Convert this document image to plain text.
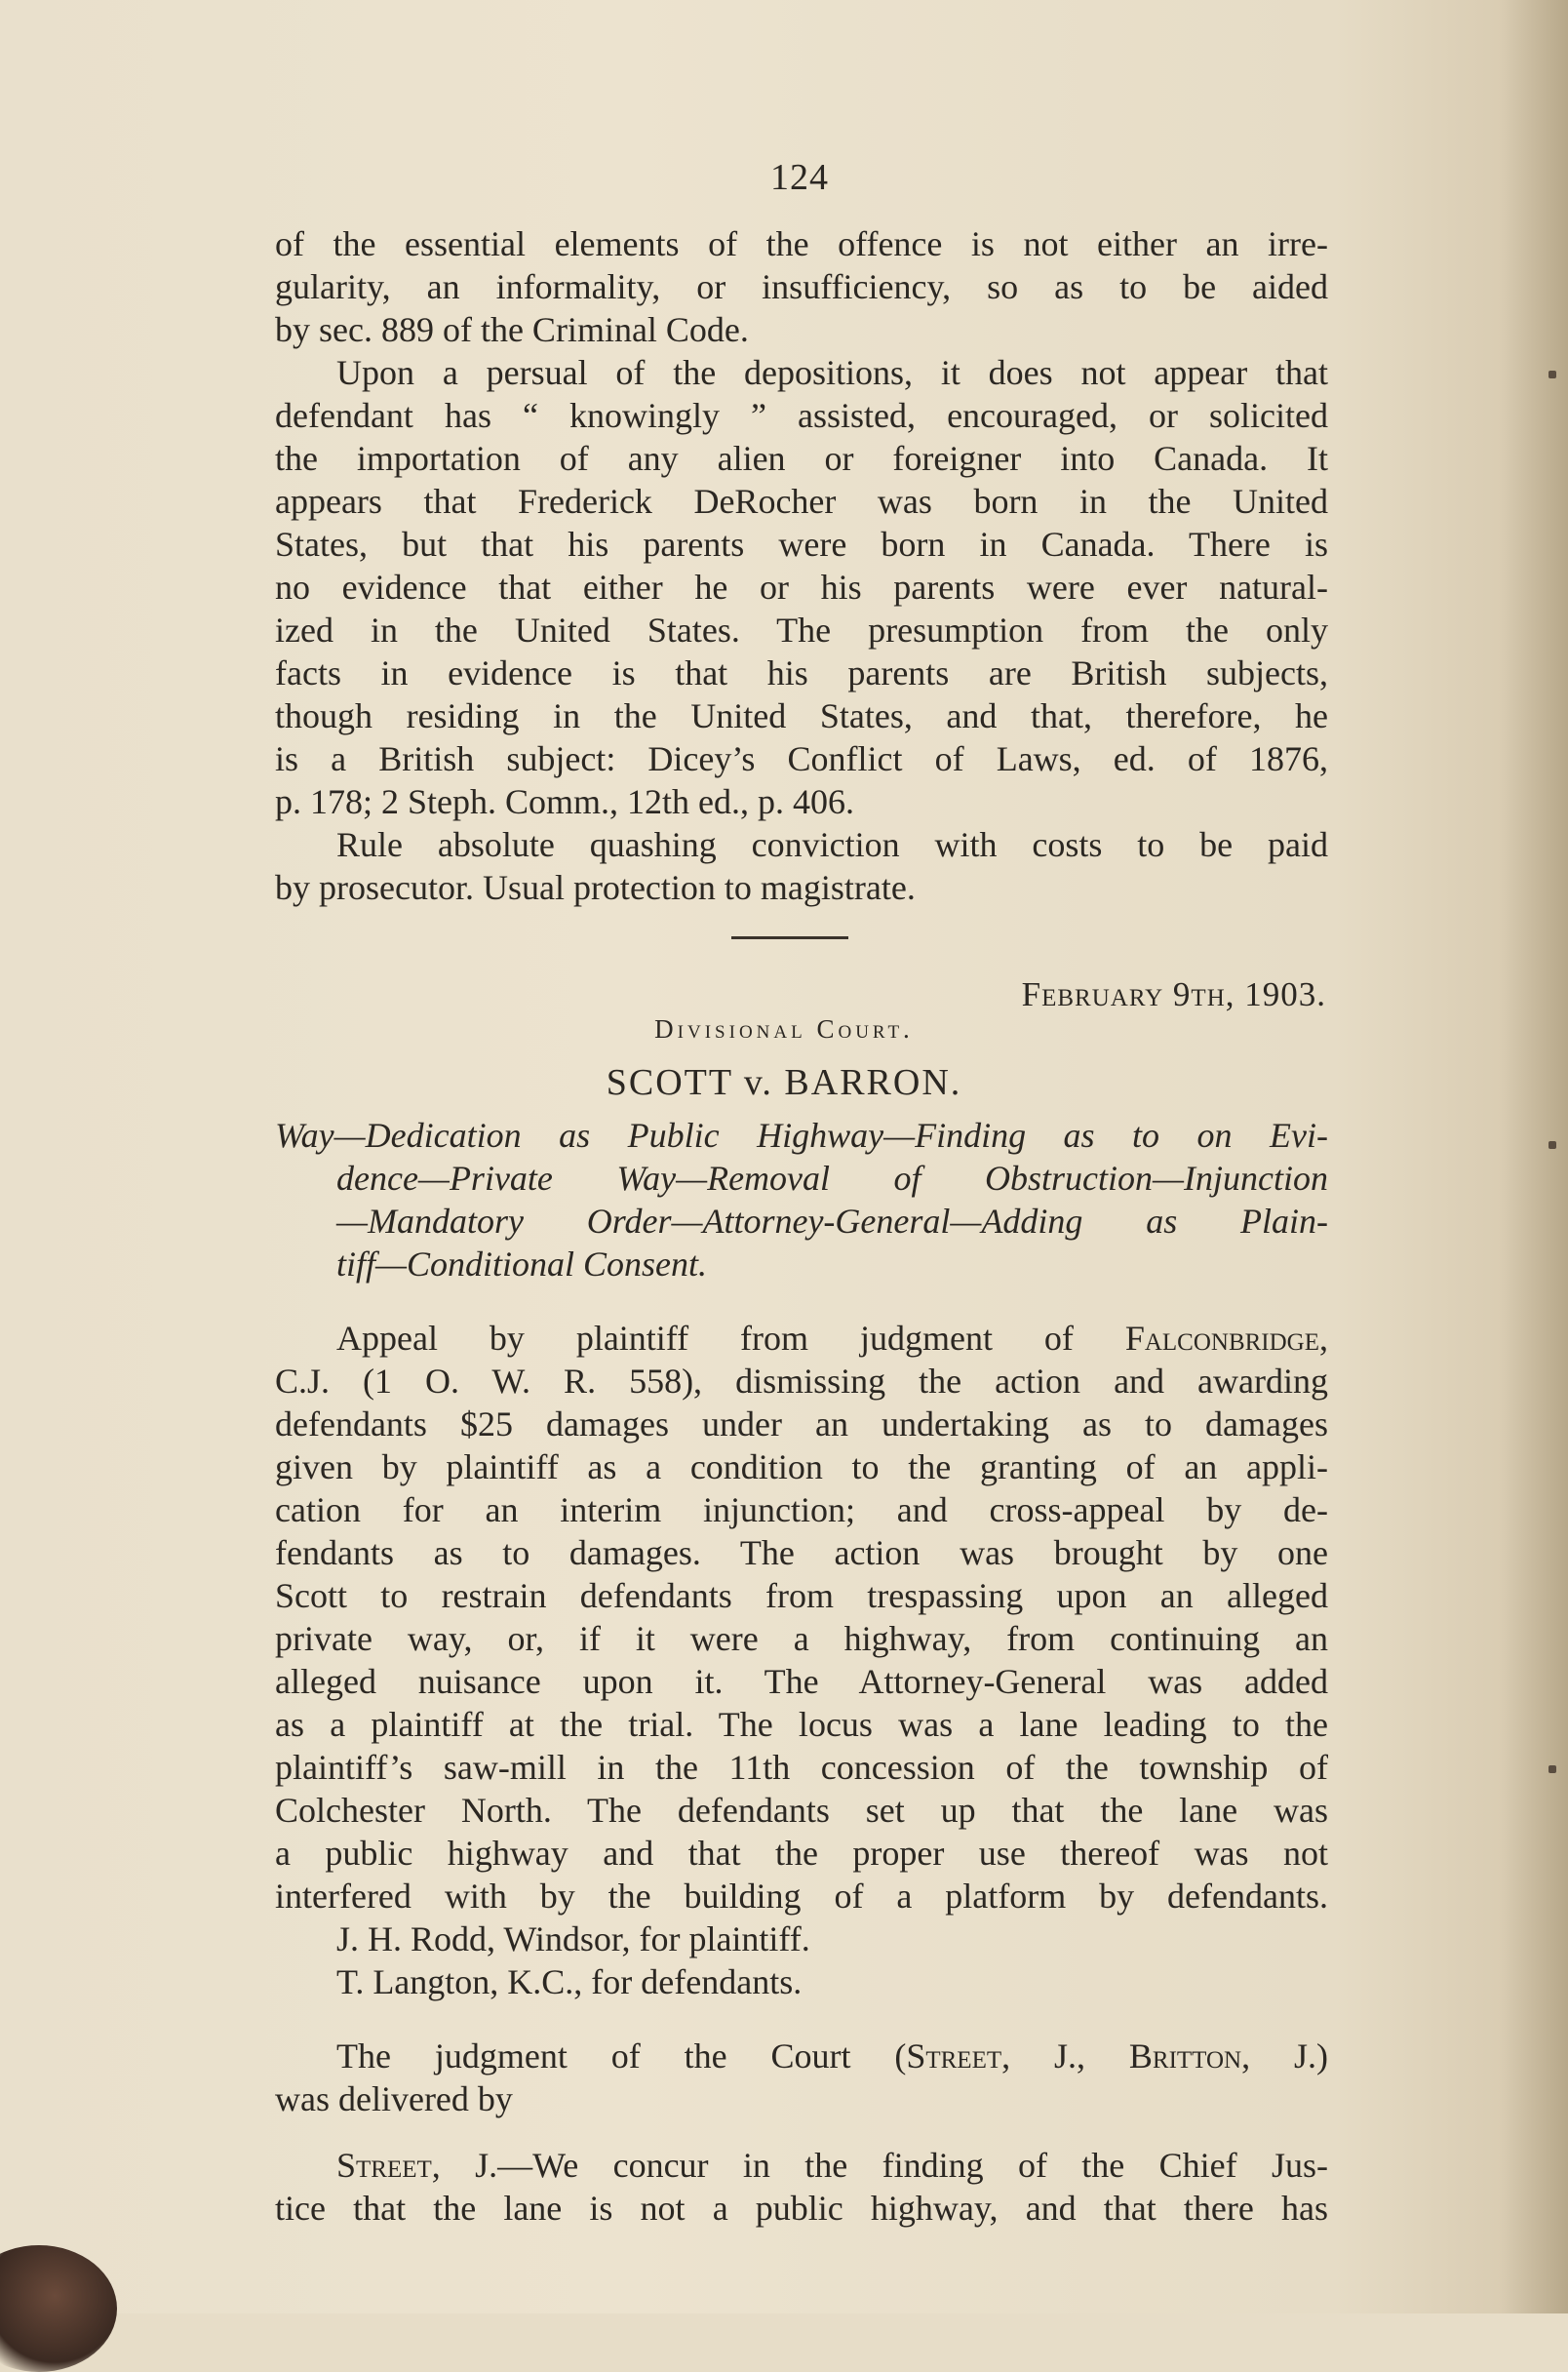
124
of the essential elements of the offence is not either an irre-
gularity, an informality, or insufficiency, so as to be aided
by sec. 889 of the Criminal Code.
Upon a persual of the depositions, it does not appear that
defendant has “ knowingly ” assisted, encouraged, or solicited
the importation of any alien or foreigner into Canada. It
appears that Frederick DeRocher was born in the United
States, but that his parents were born in Canada. There is
no evidence that either he or his parents were ever natural-
ized in the United States. The presumption from the only
facts in evidence is that his parents are British subjects,
though residing in the United States, and that, therefore, he
is a British subject: Dicey’s Conflict of Laws, ed. of 1876,
p. 178; 2 Steph. Comm., 12th ed., p. 406.
Rule absolute quashing conviction with costs to be paid
by prosecutor. Usual protection to magistrate.
February 9th, 1903.
Divisional Court.
SCOTT v. BARRON.
Way—Dedication as Public Highway—Finding as to on Evi-
dence—Private Way—Removal of Obstruction—Injunction
—Mandatory Order—Attorney-General—Adding as Plain-
tiff—Conditional Consent.
Appeal by plaintiff from judgment of Falconbridge,
C.J. (1 O. W. R. 558), dismissing the action and awarding
defendants $25 damages under an undertaking as to damages
given by plaintiff as a condition to the granting of an appli-
cation for an interim injunction; and cross-appeal by de-
fendants as to damages. The action was brought by one
Scott to restrain defendants from trespassing upon an alleged
private way, or, if it were a highway, from continuing an
alleged nuisance upon it. The Attorney-General was added
as a plaintiff at the trial. The locus was a lane leading to the
plaintiff’s saw-mill in the 11th concession of the township of
Colchester North. The defendants set up that the lane was
a public highway and that the proper use thereof was not
interfered with by the building of a platform by defendants.
J. H. Rodd, Windsor, for plaintiff.
T. Langton, K.C., for defendants.
The judgment of the Court (Street, J., Britton, J.)
was delivered by
Street, J.—We concur in the finding of the Chief Jus-
tice that the lane is not a public highway, and that there has
